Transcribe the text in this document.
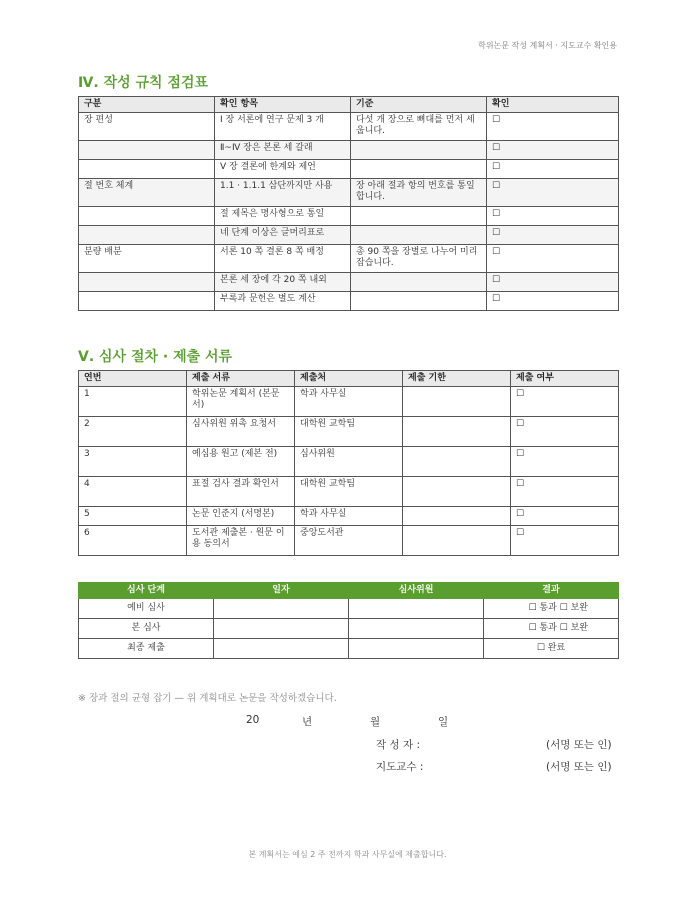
학위논문 작성 계획서 · 지도교수 확인용
Ⅳ. 작성 규칙 점검표
구분	확인 항목	기준	확인
장 편성	Ⅰ 장 서론에 연구 문제 3 개	다섯 개 장으로 뼈대를 먼저 세웁니다.	☐
	Ⅱ~Ⅳ 장은 본론 세 갈래		☐
	Ⅴ 장 결론에 한계와 제언		☐
절 번호 체계	1.1 · 1.1.1 삼단까지만 사용	장 아래 절과 항의 번호를 통일합니다.	☐
	절 제목은 명사형으로 통일		☐
	네 단계 이상은 글머리표로		☐
분량 배분	서론 10 쪽 결론 8 쪽 배정	총 90 쪽을 장별로 나누어 미리 잡습니다.	☐
	본론 세 장에 각 20 쪽 내외		☐
	부록과 문헌은 별도 계산		☐
Ⅴ. 심사 절차 · 제출 서류
연번	제출 서류	제출처	제출 기한	제출 여부
1	학위논문 계획서 (본문서)	학과 사무실		☐
2	심사위원 위촉 요청서	대학원 교학팀		☐
3	예심용 원고 (제본 전)	심사위원		☐
4	표절 검사 결과 확인서	대학원 교학팀		☐
5	논문 인준지 (서명본)	학과 사무실		☐
6	도서관 제출본 · 원문 이용 동의서	중앙도서관		☐
심사 단계	일자	심사위원	결과
예비 심사			☐ 통과 ☐ 보완
본 심사			☐ 통과 ☐ 보완
최종 제출			☐ 완료
※ 장과 절의 균형 잡기 — 위 계획대로 논문을 작성하겠습니다.
20	년	월	일
작 성 자 :	(서명 또는 인)
지도교수 :	(서명 또는 인)
본 계획서는 예심 2 주 전까지 학과 사무실에 제출합니다.
